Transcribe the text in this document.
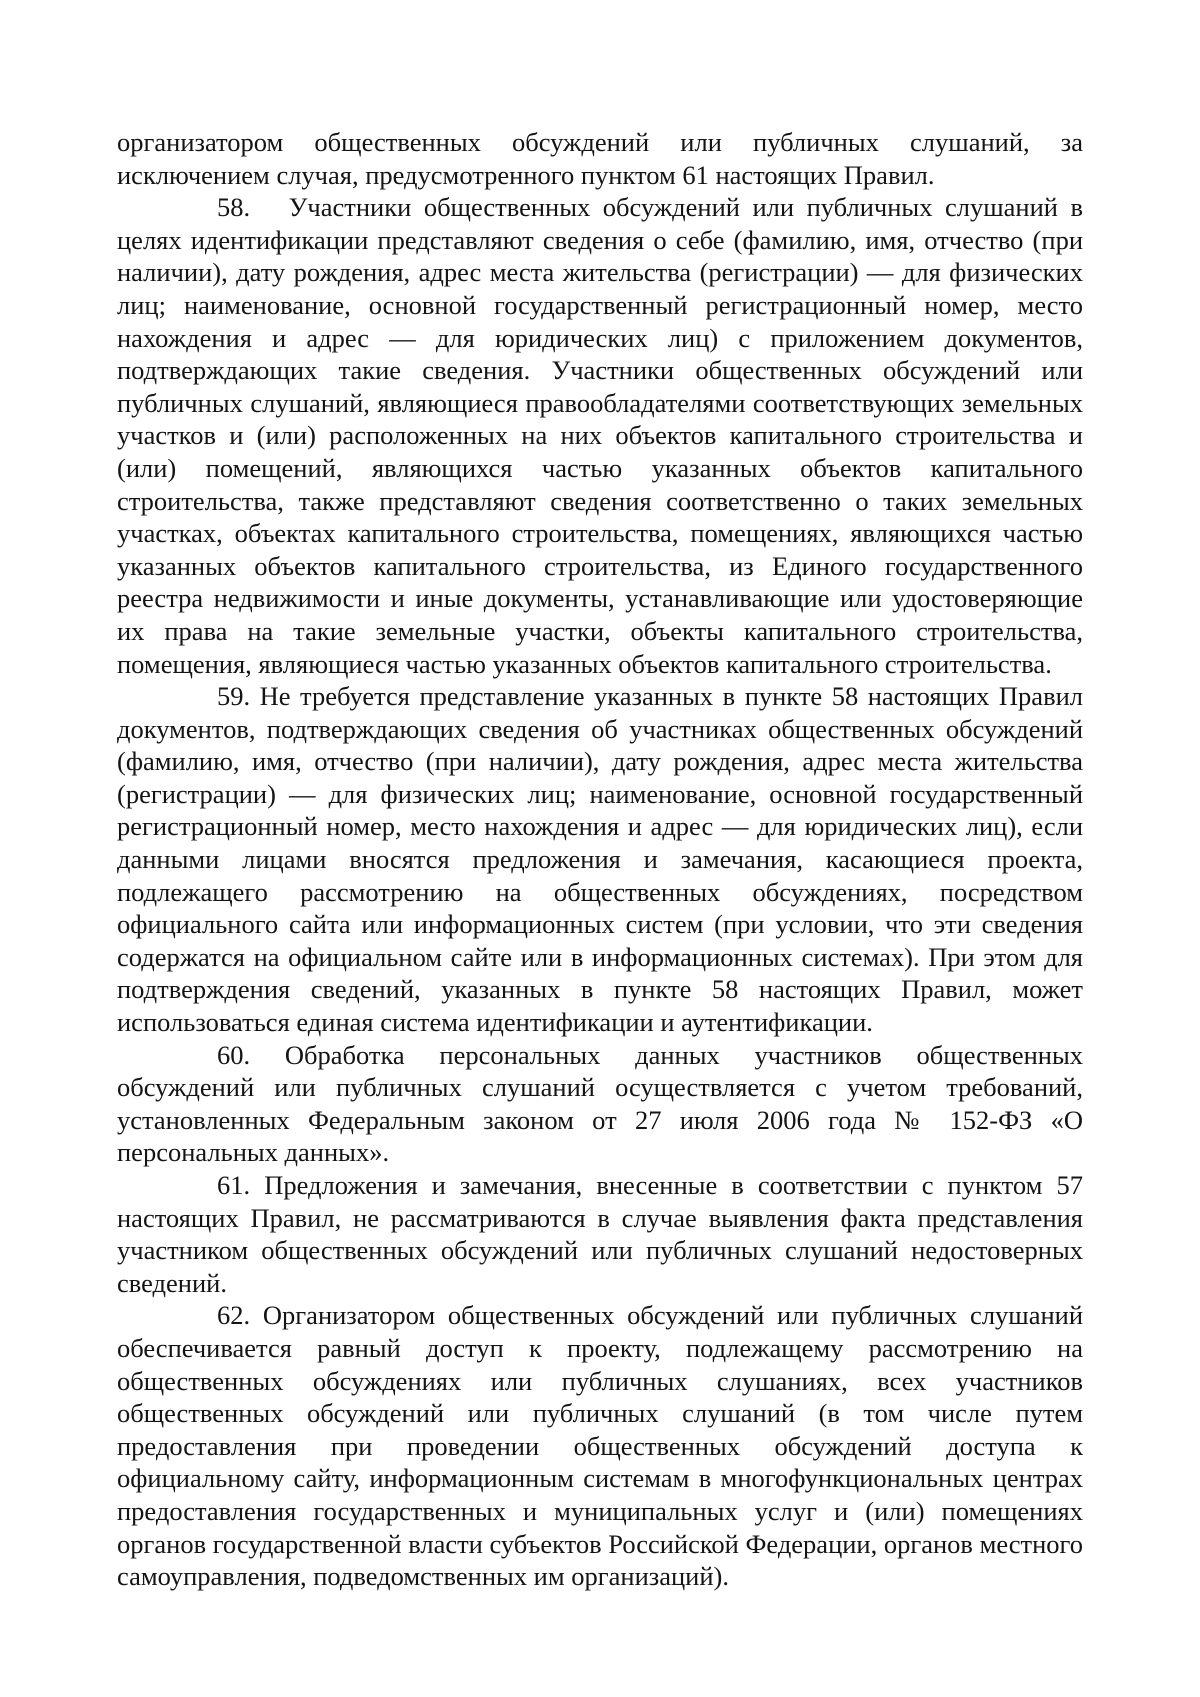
организатором общественных обсуждений или публичных слушаний, за исключением случая, предусмотренного пунктом 61 настоящих Правил.

58. Участники общественных обсуждений или публичных слушаний в целях идентификации представляют сведения о себе (фамилию, имя, отчество (при наличии), дату рождения, адрес места жительства (регистрации) — для физических лиц; наименование, основной государственный регистрационный номер, место нахождения и адрес — для юридических лиц) с приложением документов, подтверждающих такие сведения. Участники общественных обсуждений или публичных слушаний, являющиеся правообладателями соответствующих земельных участков и (или) расположенных на них объектов капитального строительства и (или) помещений, являющихся частью указанных объектов капитального строительства, также представляют сведения соответственно о таких земельных участках, объектах капитального строительства, помещениях, являющихся частью указанных объектов капитального строительства, из Единого государственного реестра недвижимости и иные документы, устанавливающие или удостоверяющие их права на такие земельные участки, объекты капитального строительства, помещения, являющиеся частью указанных объектов капитального строительства.

59. Не требуется представление указанных в пункте 58 настоящих Правил документов, подтверждающих сведения об участниках общественных обсуждений (фамилию, имя, отчество (при наличии), дату рождения, адрес места жительства (регистрации) — для физических лиц; наименование, основной государственный регистрационный номер, место нахождения и адрес — для юридических лиц), если данными лицами вносятся предложения и замечания, касающиеся проекта, подлежащего рассмотрению на общественных обсуждениях, посредством официального сайта или информационных систем (при условии, что эти сведения содержатся на официальном сайте или в информационных системах). При этом для подтверждения сведений, указанных в пункте 58 настоящих Правил, может использоваться единая система идентификации и аутентификации.

60. Обработка персональных данных участников общественных обсуждений или публичных слушаний осуществляется с учетом требований, установленных Федеральным законом от 27 июля 2006 года № 152-ФЗ «О персональных данных».

61. Предложения и замечания, внесенные в соответствии с пунктом 57 настоящих Правил, не рассматриваются в случае выявления факта представления участником общественных обсуждений или публичных слушаний недостоверных сведений.

62. Организатором общественных обсуждений или публичных слушаний обеспечивается равный доступ к проекту, подлежащему рассмотрению на общественных обсуждениях или публичных слушаниях, всех участников общественных обсуждений или публичных слушаний (в том числе путем предоставления при проведении общественных обсуждений доступа к официальному сайту, информационным системам в многофункциональных центрах предоставления государственных и муниципальных услуг и (или) помещениях органов государственной власти субъектов Российской Федерации, органов местного самоуправления, подведомственных им организаций).
